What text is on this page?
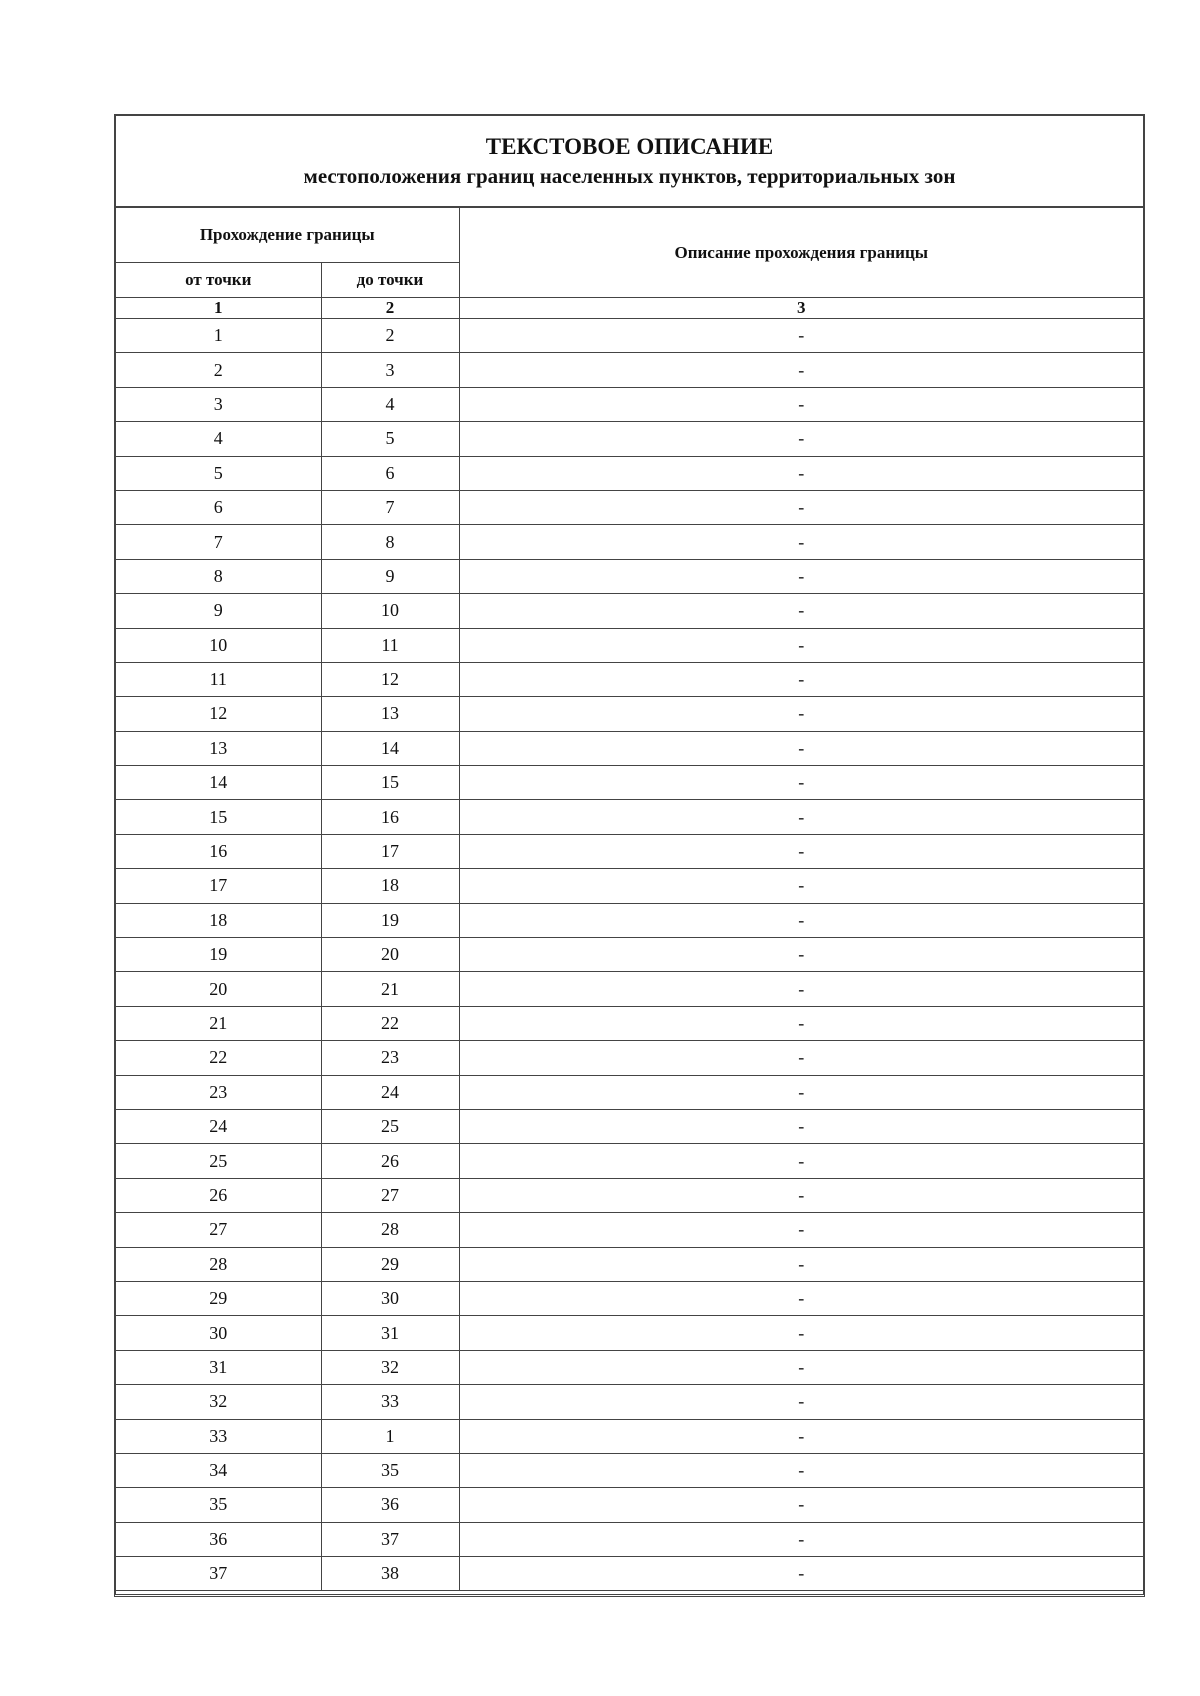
ТЕКСТОВОЕ ОПИСАНИЕ
местоположения границ населенных пунктов, территориальных зон
Прохождение границы		Описание прохождения границы
от точки	до точки	
1	2	3
1	2	-
2	3	-
3	4	-
4	5	-
5	6	-
6	7	-
7	8	-
8	9	-
9	10	-
10	11	-
11	12	-
12	13	-
13	14	-
14	15	-
15	16	-
16	17	-
17	18	-
18	19	-
19	20	-
20	21	-
21	22	-
22	23	-
23	24	-
24	25	-
25	26	-
26	27	-
27	28	-
28	29	-
29	30	-
30	31	-
31	32	-
32	33	-
33	1	-
34	35	-
35	36	-
36	37	-
37	38	-
